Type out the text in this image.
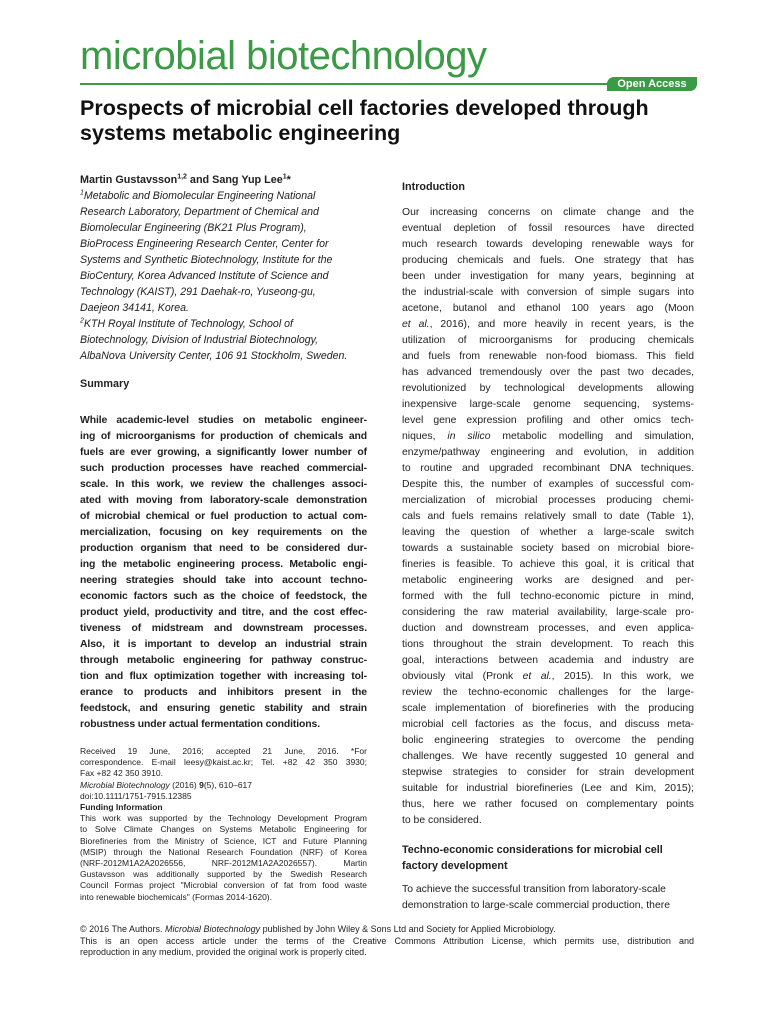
microbial biotechnology
Open Access
Prospects of microbial cell factories developed through systems metabolic engineering
Martin Gustavsson$^{1,2}$ and Sang Yup Lee$^1$*
$^1$Metabolic and Biomolecular Engineering National
Research Laboratory, Department of Chemical and
Biomolecular Engineering (BK21 Plus Program),
BioProcess Engineering Research Center, Center for
Systems and Synthetic Biotechnology, Institute for the
BioCentury, Korea Advanced Institute of Science and
Technology (KAIST), 291 Daehak-ro, Yuseong-gu,
Daejeon 34141, Korea.
$^2$KTH Royal Institute of Technology, School of
Biotechnology, Division of Industrial Biotechnology,
AlbaNova University Center, 106 91 Stockholm, Sweden.
Summary
While academic-level studies on metabolic engineer-
ing of microorganisms for production of chemicals and
fuels are ever growing, a significantly lower number of
such production processes have reached commercial-
scale. In this work, we review the challenges associ-
ated with moving from laboratory-scale demonstration
of microbial chemical or fuel production to actual com-
mercialization, focusing on key requirements on the
production organism that need to be considered dur-
ing the metabolic engineering process. Metabolic engi-
neering strategies should take into account techno-
economic factors such as the choice of feedstock, the
product yield, productivity and titre, and the cost effec-
tiveness of midstream and downstream processes.
Also, it is important to develop an industrial strain
through metabolic engineering for pathway construc-
tion and flux optimization together with increasing tol-
erance to products and inhibitors present in the
feedstock, and ensuring genetic stability and strain
robustness under actual fermentation conditions.
Received 19 June, 2016; accepted 21 June, 2016. *For
correspondence. E-mail leesy@kaist.ac.kr; Tel. +82 42 350 3930;
Fax +82 42 350 3910.
Microbial Biotechnology (2016) 9(5), 610–617
doi:10.1111/1751-7915.12385
Funding Information
This work was supported by the Technology Development Program
to Solve Climate Changes on Systems Metabolic Engineering for
Biorefineries from the Ministry of Science, ICT and Future Planning
(MSIP) through the National Research Foundation (NRF) of Korea
(NRF-2012M1A2A2026556, NRF-2012M1A2A2026557). Martin
Gustavsson was additionally supported by the Swedish Research
Council Formas project "Microbial conversion of fat from food waste
into renewable biochemicals" (Formas 2014-1620).
Introduction
Our increasing concerns on climate change and the
eventual depletion of fossil resources have directed
much research towards developing renewable ways for
producing chemicals and fuels. One strategy that has
been under investigation for many years, beginning at
the industrial-scale with conversion of simple sugars into
acetone, butanol and ethanol 100 years ago (Moon
et al., 2016), and more heavily in recent years, is the
utilization of microorganisms for producing chemicals
and fuels from renewable non-food biomass. This field
has advanced tremendously over the past two decades,
revolutionized by technological developments allowing
inexpensive large-scale genome sequencing, systems-
level gene expression profiling and other omics tech-
niques, in silico metabolic modelling and simulation,
enzyme/pathway engineering and evolution, in addition
to routine and upgraded recombinant DNA techniques.
Despite this, the number of examples of successful com-
mercialization of microbial processes producing chemi-
cals and fuels remains relatively small to date (Table 1),
leaving the question of whether a large-scale switch
towards a sustainable society based on microbial biore-
fineries is feasible. To achieve this goal, it is critical that
metabolic engineering works are designed and per-
formed with the full techno-economic picture in mind,
considering the raw material availability, large-scale pro-
duction and downstream processes, and even applica-
tions throughout the strain development. To reach this
goal, interactions between academia and industry are
obviously vital (Pronk et al., 2015). In this work, we
review the techno-economic challenges for the large-
scale implementation of biorefineries with the producing
microbial cell factories as the focus, and discuss meta-
bolic engineering strategies to overcome the pending
challenges. We have recently suggested 10 general and
stepwise strategies to consider for strain development
suitable for industrial biorefineries (Lee and Kim, 2015);
thus, here we rather focused on complementary points
to be considered.
Techno-economic considerations for microbial cell
factory development
To achieve the successful transition from laboratory-scale
demonstration to large-scale commercial production, there
© 2016 The Authors. Microbial Biotechnology published by John Wiley & Sons Ltd and Society for Applied Microbiology.
This is an open access article under the terms of the Creative Commons Attribution License, which permits use, distribution and
reproduction in any medium, provided the original work is properly cited.
